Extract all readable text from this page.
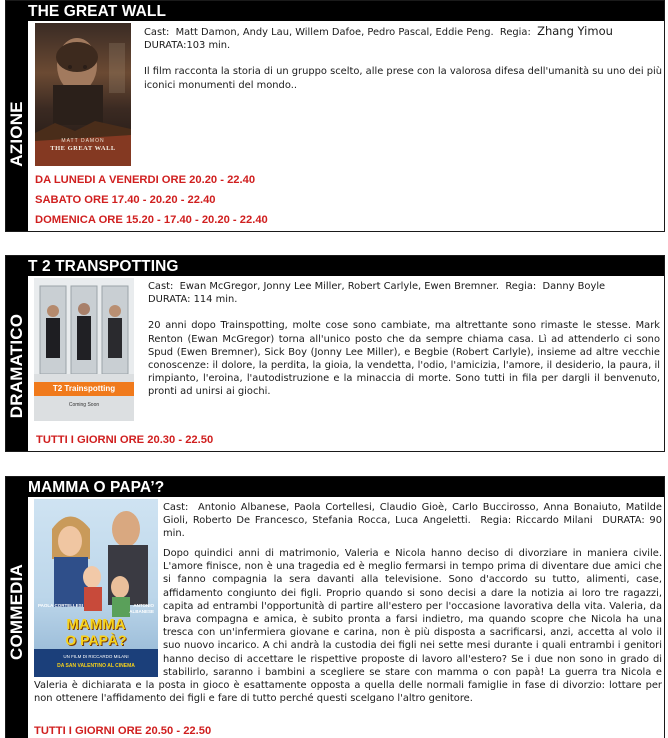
THE GREAT WALL
AZIONE	MATT DAMON
THE GREAT WALL

Cast: Matt Damon, Andy Lau, Willem Dafoe, Pedro Pascal, Eddie Peng. Regia: Zhang Yimou

DURATA:103 min.

Il film racconta la storia di un gruppo scelto, alle prese con la valorosa difesa dell'umanità su uno dei più iconici monumenti del mondo..

DA LUNEDI A VENERDI ORE 20.20 - 22.40
SABATO ORE 17.40 - 20.20 - 22.40
DOMENICA ORE 15.20 - 17.40 - 20.20 - 22.40
T 2 TRANSPOTTING
DRAMATICO	T2 Trainspotting
Coming Soon

Cast: Ewan McGregor, Jonny Lee Miller, Robert Carlyle, Ewen Bremner. Regia: Danny Boyle

DURATA: 114 min.

20 anni dopo Trainspotting, molte cose sono cambiate, ma altrettante sono rimaste le stesse. Mark Renton (Ewan McGregor) torna all'unico posto che da sempre chiama casa. Lì ad attenderlo ci sono Spud (Ewen Bremner), Sick Boy (Jonny Lee Miller), e Begbie (Robert Carlyle), insieme ad altre vecchie conoscenze: il dolore, la perdita, la gioia, la vendetta, l'odio, l'amicizia, l'amore, il desiderio, la paura, il rimpianto, l'eroina, l'autodistruzione e la minaccia di morte. Sono tutti in fila per dargli il benvenuto, pronti ad unirsi ai giochi.

TUTTI I GIORNI ORE 20.30 - 22.50
MAMMA O PAPA’?
COMMEDIA	PAOLA CORTELLESI	ANTONIO ALBANESE
MAMMA
O PAPÀ?
UN FILM DI RICCARDO MILANI
DA SAN VALENTINO AL CINEMA

Cast: Antonio Albanese, Paola Cortellesi, Claudio Gioè, Carlo Buccirosso, Anna Bonaiuto, Matilde Gioli, Roberto De Francesco, Stefania Rocca, Luca Angeletti. Regia: Riccardo Milani DURATA: 90 min.

Dopo quindici anni di matrimonio, Valeria e Nicola hanno deciso di divorziare in maniera civile. L'amore finisce, non è una tragedia ed è meglio fermarsi in tempo prima di diventare due amici che si fanno compagnia la sera davanti alla televisione. Sono d'accordo su tutto, alimenti, case, affidamento congiunto dei figli. Proprio quando si sono decisi a dare la notizia ai loro tre ragazzi, capita ad entrambi l'opportunità di partire all'estero per l'occasione lavorativa della vita. Valeria, da brava compagna e amica, è subito pronta a farsi indietro, ma quando scopre che Nicola ha una tresca con un'infermiera giovane e carina, non è più disposta a sacrificarsi, anzi, accetta al volo il suo nuovo incarico. A chi andrà la custodia dei figli nei sette mesi durante i quali entrambi i genitori hanno deciso di accettare le rispettive proposte di lavoro all'estero? Se i due non sono in grado di stabilirlo, saranno i bambini a scegliere se stare con mamma o con papà! La guerra tra Nicola e Valeria è dichiarata e la posta in gioco è esattamente opposta a quella delle normali famiglie in fase di divorzio: lottare per non ottenere l'affidamento dei figli e fare di tutto perché questi scelgano l'altro genitore.

TUTTI I GIORNI ORE 20.50 - 22.50
